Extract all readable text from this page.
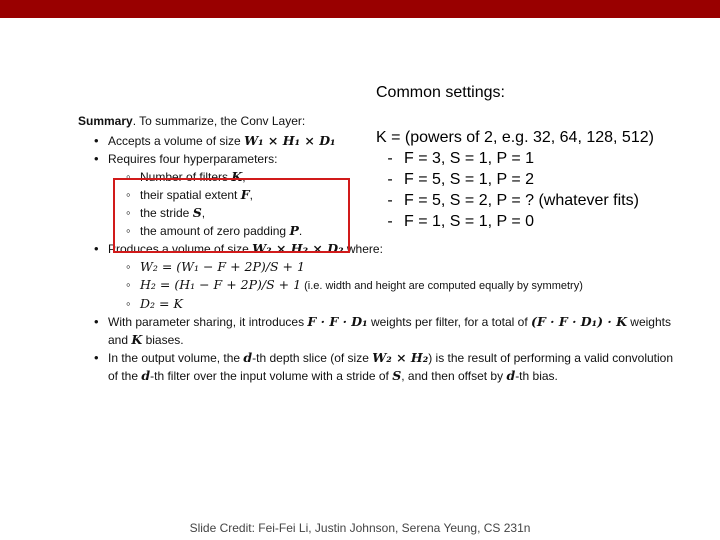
Common settings:
K = (powers of 2, e.g. 32, 64, 128, 512)
- F = 3, S = 1, P = 1
- F = 5, S = 1, P = 2
- F = 5, S = 2, P = ? (whatever fits)
- F = 1, S = 1, P = 0
Summary. To summarize, the Conv Layer:
• Accepts a volume of size W₁ × H₁ × D₁
• Requires four hyperparameters:
◦ Number of filters K,
◦ their spatial extent F,
◦ the stride S,
◦ the amount of zero padding P.
• Produces a volume of size W₂ × H₂ × D₂ where:
◦ W₂ = (W₁ − F + 2P)/S + 1
◦ H₂ = (H₁ − F + 2P)/S + 1 (i.e. width and height are computed equally by symmetry)
◦ D₂ = K
• With parameter sharing, it introduces F · F · D₁ weights per filter, for a total of (F · F · D₁) · K weights
and K biases.
• In the output volume, the d-th depth slice (of size W₂ × H₂) is the result of performing a valid convolution
of the d-th filter over the input volume with a stride of S, and then offset by d-th bias.
Slide Credit: Fei-Fei Li, Justin Johnson, Serena Yeung, CS 231n
